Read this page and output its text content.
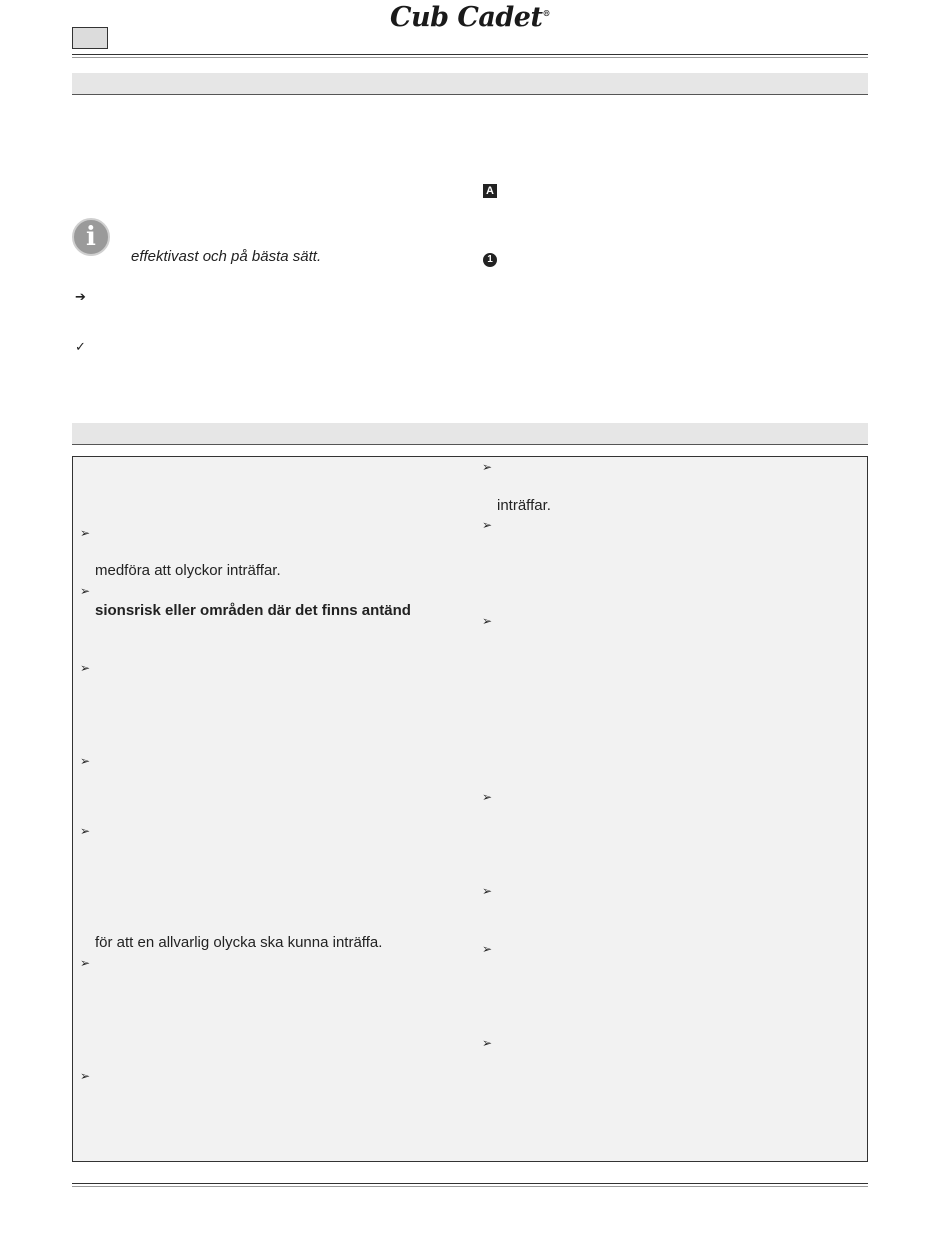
Cub Cadet®
i
effektivast och på bästa sätt.
➔
✓
A
1
➢
medföra att olyckor inträffar.
➢
sionsrisk eller områden där det finns antänd
➢
➢
➢
för att en allvarlig olycka ska kunna inträffa.
➢
➢
➢
inträffar.
➢
➢
➢
➢
➢
➢
